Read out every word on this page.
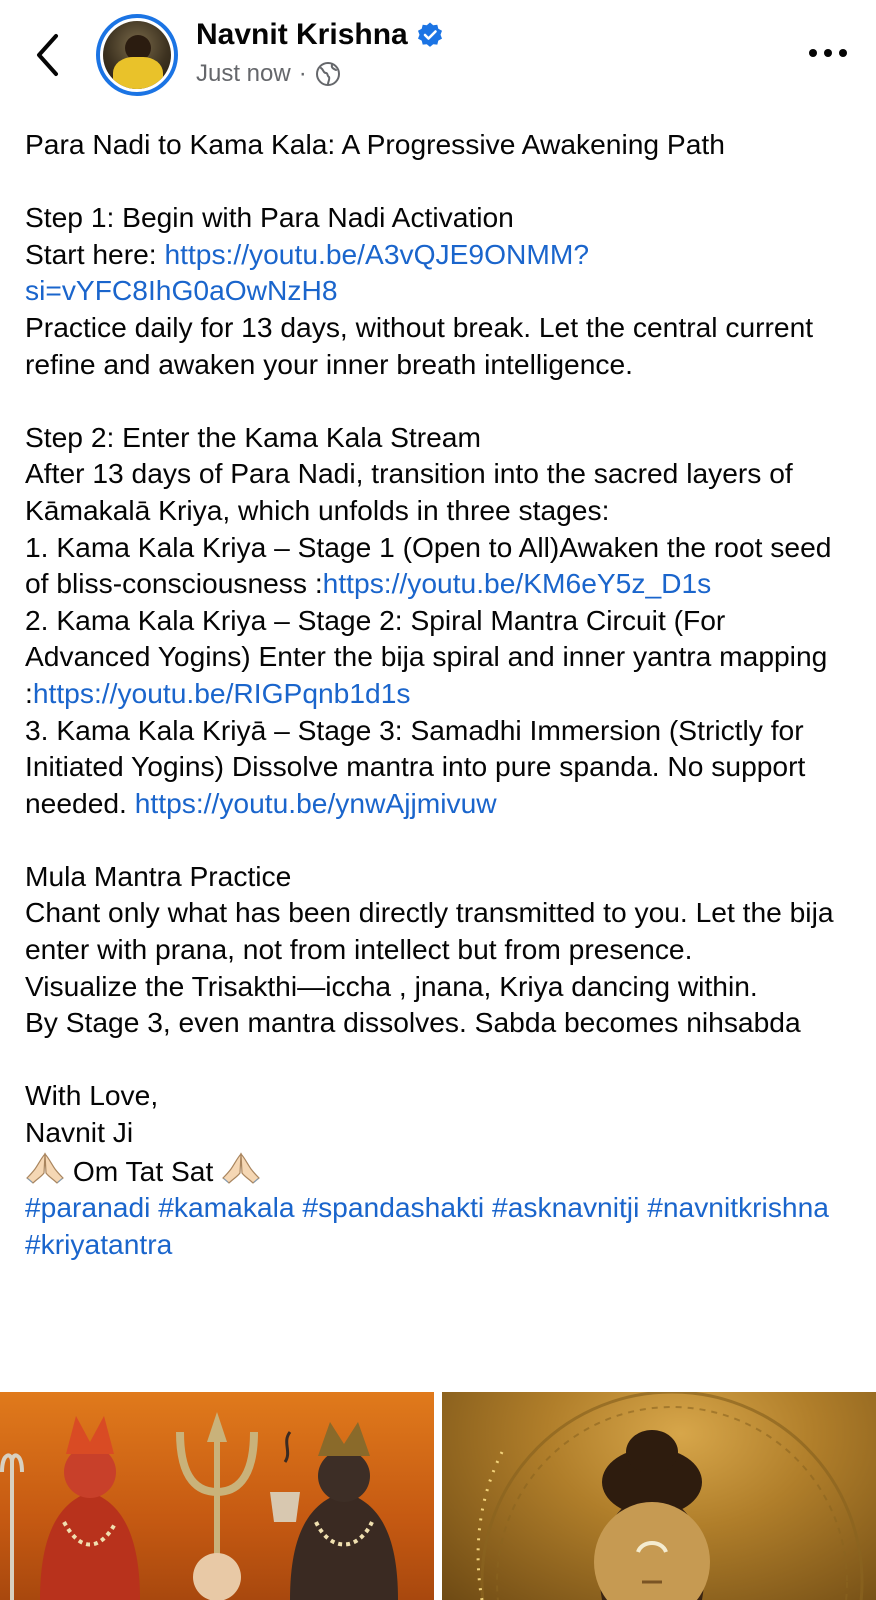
Navnit Krishna
Just now ·

Para Nadi to Kama Kala: A Progressive Awakening Path

Step 1: Begin with Para Nadi Activation

Start here: https://youtu.be/A3vQJE9ONMM?si=vYFC8IhG0aOwNzH8

Practice daily for 13 days, without break. Let the central current refine and awaken your inner breath intelligence.

Step 2: Enter the Kama Kala Stream

After 13 days of Para Nadi, transition into the sacred layers of Kāmakalā Kriya, which unfolds in three stages:

1. Kama Kala Kriya – Stage 1 (Open to All)Awaken the root seed of bliss-consciousness :https://youtu.be/KM6eY5z_D1s

2. Kama Kala Kriya – Stage 2: Spiral Mantra Circuit (For Advanced Yogins) Enter the bija spiral and inner yantra mapping :https://youtu.be/RIGPqnb1d1s

3. Kama Kala Kriyā – Stage 3: Samadhi Immersion (Strictly for Initiated Yogins) Dissolve mantra into pure spanda. No support needed. https://youtu.be/ynwAjjmivuw

Mula Mantra Practice

Chant only what has been directly transmitted to you. Let the bija enter with prana, not from intellect but from presence.

Visualize the Trisakthi—iccha , jnana, Kriya dancing within.

By Stage 3, even mantra dissolves. Sabda becomes nihsabda

With Love,

Navnit Ji

Om Tat Sat

#paranadi #kamakala #spandashakti #asknavnitji #navnitkrishna #kriyatantra
